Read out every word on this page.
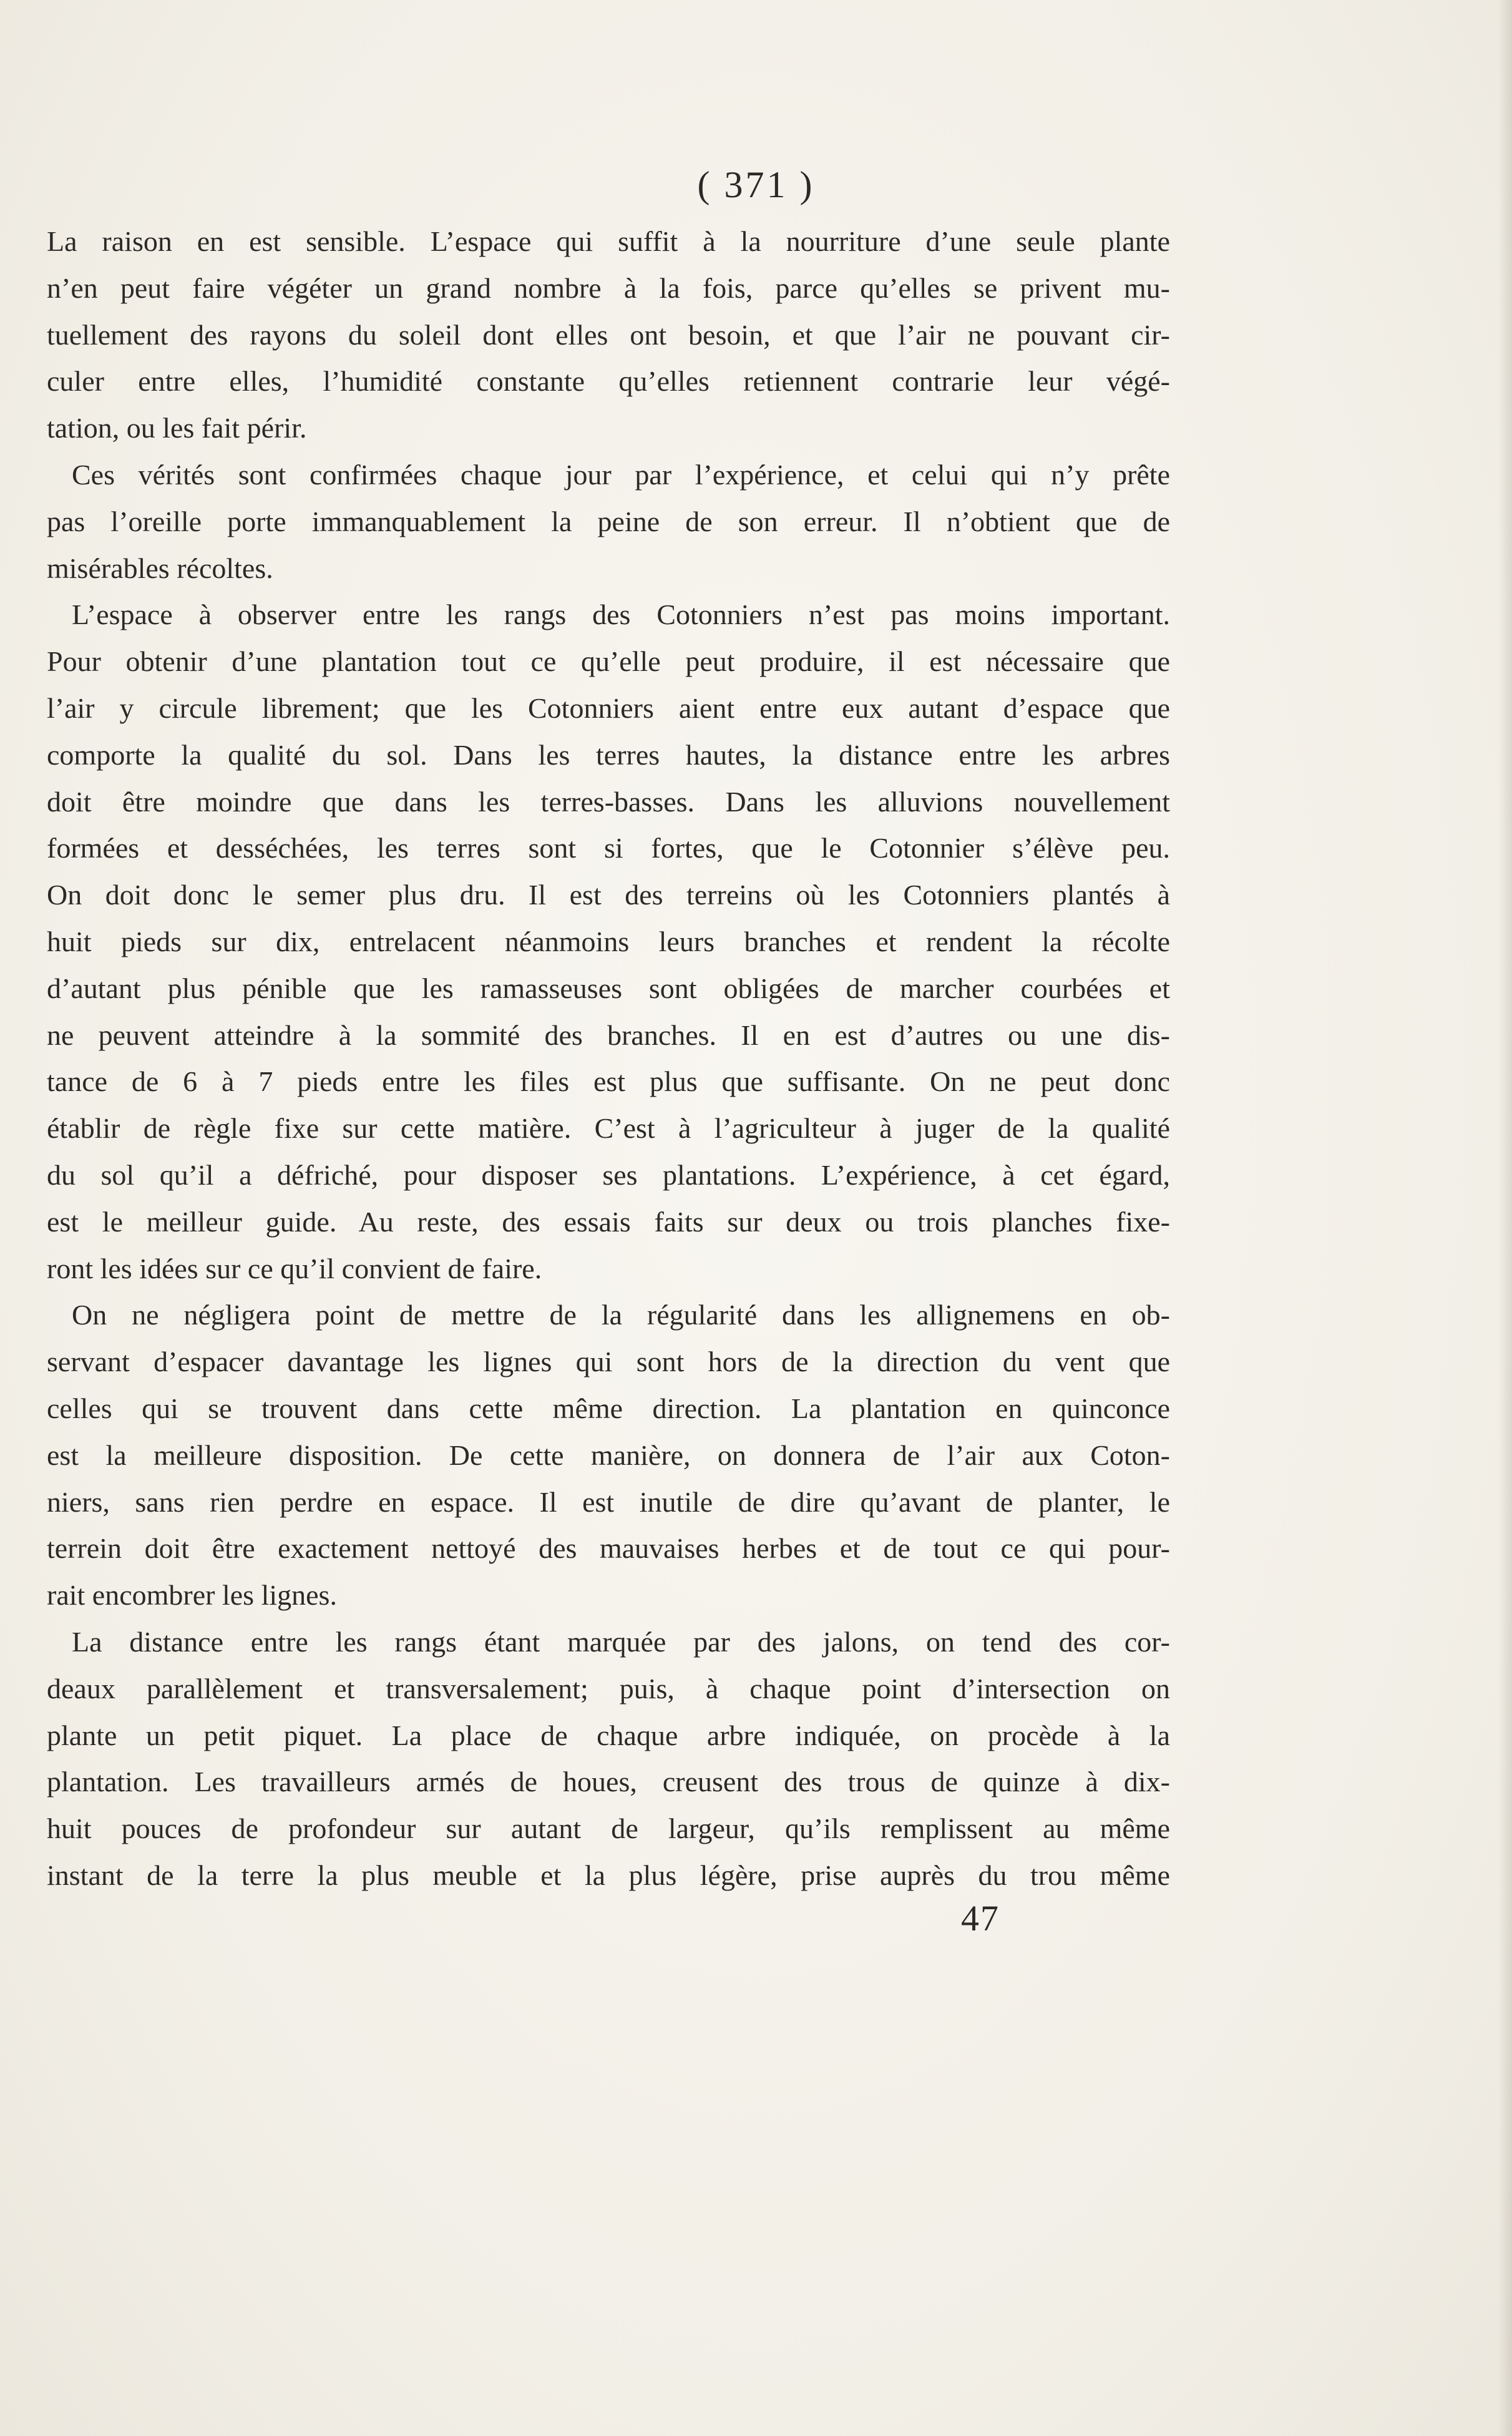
( 371 )
La raison en est sensible. L’espace qui suffit à la nourriture d’une seule plante
n’en peut faire végéter un grand nombre à la fois, parce qu’elles se privent mu-
tuellement des rayons du soleil dont elles ont besoin, et que l’air ne pouvant cir-
culer entre elles, l’humidité constante qu’elles retiennent contrarie leur végé-
tation, ou les fait périr.
Ces vérités sont confirmées chaque jour par l’expérience, et celui qui n’y prête
pas l’oreille porte immanquablement la peine de son erreur. Il n’obtient que de
misérables récoltes.
L’espace à observer entre les rangs des Cotonniers n’est pas moins important.
Pour obtenir d’une plantation tout ce qu’elle peut produire, il est nécessaire que
l’air y circule librement; que les Cotonniers aient entre eux autant d’espace que
comporte la qualité du sol. Dans les terres hautes, la distance entre les arbres
doit être moindre que dans les terres-basses. Dans les alluvions nouvellement
formées et desséchées, les terres sont si fortes, que le Cotonnier s’élève peu.
On doit donc le semer plus dru. Il est des terreins où les Cotonniers plantés à
huit pieds sur dix, entrelacent néanmoins leurs branches et rendent la récolte
d’autant plus pénible que les ramasseuses sont obligées de marcher courbées et
ne peuvent atteindre à la sommité des branches. Il en est d’autres ou une dis-
tance de 6 à 7 pieds entre les files est plus que suffisante. On ne peut donc
établir de règle fixe sur cette matière. C’est à l’agriculteur à juger de la qualité
du sol qu’il a défriché, pour disposer ses plantations. L’expérience, à cet égard,
est le meilleur guide. Au reste, des essais faits sur deux ou trois planches fixe-
ront les idées sur ce qu’il convient de faire.
On ne négligera point de mettre de la régularité dans les allignemens en ob-
servant d’espacer davantage les lignes qui sont hors de la direction du vent que
celles qui se trouvent dans cette même direction. La plantation en quinconce
est la meilleure disposition. De cette manière, on donnera de l’air aux Coton-
niers, sans rien perdre en espace. Il est inutile de dire qu’avant de planter, le
terrein doit être exactement nettoyé des mauvaises herbes et de tout ce qui pour-
rait encombrer les lignes.
La distance entre les rangs étant marquée par des jalons, on tend des cor-
deaux parallèlement et transversalement; puis, à chaque point d’intersection on
plante un petit piquet. La place de chaque arbre indiquée, on procède à la
plantation. Les travailleurs armés de houes, creusent des trous de quinze à dix-
huit pouces de profondeur sur autant de largeur, qu’ils remplissent au même
instant de la terre la plus meuble et la plus légère, prise auprès du trou même
47
